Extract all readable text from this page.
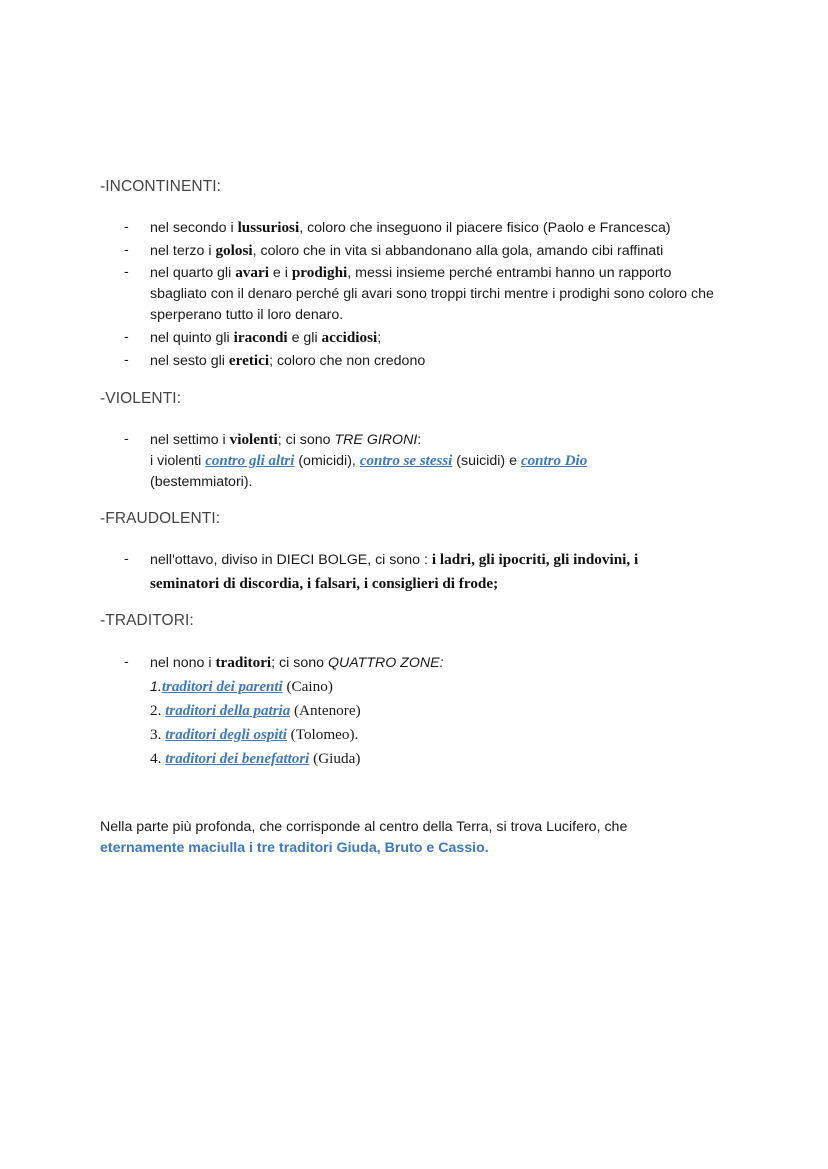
-INCONTINENTI:
- nel secondo i lussuriosi, coloro che inseguono il piacere fisico (Paolo e Francesca)
- nel terzo i golosi, coloro che in vita si abbandonano alla gola, amando cibi raffinati
- nel quarto gli avari e i prodighi, messi insieme perché entrambi hanno un rapporto sbagliato con il denaro perché gli avari sono troppi tirchi mentre i prodighi sono coloro che sperperano tutto il loro denaro.
- nel quinto gli iracondi e gli accidiosi;
- nel sesto gli eretici; coloro che non credono
-VIOLENTI:
- nel settimo i violenti; ci sono TRE GIRONI:
i violenti contro gli altri (omicidi), contro se stessi (suicidi) e contro Dio
(bestemmiatori).
-FRAUDOLENTI:
- nell'ottavo, diviso in DIECI BOLGE, ci sono : i ladri, gli ipocriti, gli indovini, i seminatori di discordia, i falsari, i consiglieri di frode;
-TRADITORI:
- nel nono i traditori; ci sono QUATTRO ZONE:
1.traditori dei parenti (Caino)
2. traditori della patria (Antenore)
3. traditori degli ospiti (Tolomeo).
4. traditori dei benefattori (Giuda)
Nella parte più profonda, che corrisponde al centro della Terra, si trova Lucifero, che
eternamente maciulla i tre traditori Giuda, Bruto e Cassio.
